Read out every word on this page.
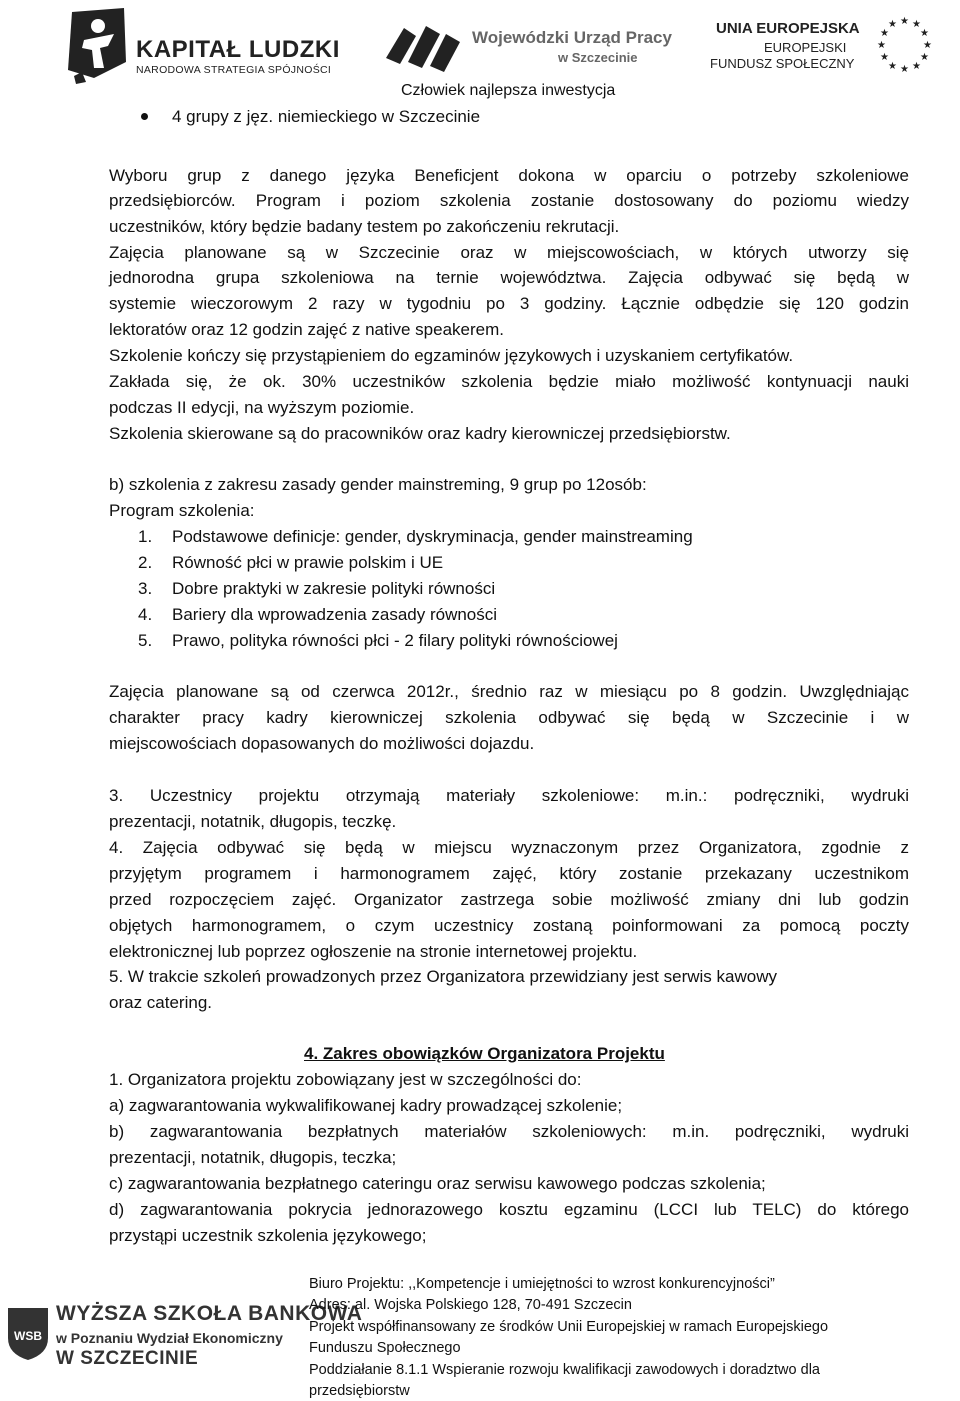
KAPITAŁ LUDZKI
NARODOWA STRATEGIA SPÓJNOŚCI
Wojewódzki Urząd Pracy
w Szczecinie
UNIA EUROPEJSKA
EUROPEJSKI
FUNDUSZ SPOŁECZNY
★ ★
★
★
★
★
★
★
★
★
★
★
Człowiek najlepsza inwestycja
4 grupy z jęz. niemieckiego w Szczecinie
Wyboru grup z danego języka Beneficjent dokona w oparciu o potrzeby szkoleniowe
przedsiębiorców. Program i poziom szkolenia zostanie dostosowany do poziomu wiedzy
uczestników, który będzie badany testem po zakończeniu rekrutacji.
Zajęcia planowane są w Szczecinie oraz w miejscowościach, w których utworzy się
jednorodna grupa szkoleniowa na ternie województwa. Zajęcia odbywać się będą w
systemie wieczorowym 2 razy w tygodniu po 3 godziny. Łącznie odbędzie się 120 godzin
lektoratów oraz 12 godzin zajęć z native speakerem.
Szkolenie kończy się przystąpieniem do egzaminów językowych i uzyskaniem certyfikatów.
Zakłada się, że ok. 30% uczestników szkolenia będzie miało możliwość kontynuacji nauki
podczas II edycji, na wyższym poziomie.
Szkolenia skierowane są do pracowników oraz kadry kierowniczej przedsiębiorstw.
b) szkolenia z zakresu zasady gender mainstreming, 9 grup po 12osób:
Program szkolenia:
1. Podstawowe definicje: gender, dyskryminacja, gender mainstreaming
2. Równość płci w prawie polskim i UE
3. Dobre praktyki w zakresie polityki równości
4. Bariery dla wprowadzenia zasady równości
5. Prawo, polityka równości płci - 2 filary polityki równościowej
Zajęcia planowane są od czerwca 2012r., średnio raz w miesiącu po 8 godzin. Uwzględniając
charakter pracy kadry kierowniczej szkolenia odbywać się będą w Szczecinie i w
miejscowościach dopasowanych do możliwości dojazdu.
3. Uczestnicy projektu otrzymają materiały szkoleniowe: m.in.: podręczniki, wydruki
prezentacji, notatnik, długopis, teczkę.
4. Zajęcia odbywać się będą w miejscu wyznaczonym przez Organizatora, zgodnie z
przyjętym programem i harmonogramem zajęć, który zostanie przekazany uczestnikom
przed rozpoczęciem zajęć. Organizator zastrzega sobie możliwość zmiany dni lub godzin
objętych harmonogramem, o czym uczestnicy zostaną poinformowani za pomocą poczty
elektronicznej lub poprzez ogłoszenie na stronie internetowej projektu.
5. W trakcie szkoleń prowadzonych przez Organizatora przewidziany jest serwis kawowy
oraz catering.
4. Zakres obowiązków Organizatora Projektu
1. Organizatora projektu zobowiązany jest w szczególności do:
a) zagwarantowania wykwalifikowanej kadry prowadzącej szkolenie;
b) zagwarantowania bezpłatnych materiałów szkoleniowych: m.in. podręczniki, wydruki
prezentacji, notatnik, długopis, teczka;
c) zagwarantowania bezpłatnego cateringu oraz serwisu kawowego podczas szkolenia;
d) zagwarantowania pokrycia jednorazowego kosztu egzaminu (LCCI lub TELC) do którego
przystąpi uczestnik szkolenia językowego;
WSB
WYŻSZA SZKOŁA BANKOWA
w Poznaniu Wydział Ekonomiczny
W SZCZECINIE
Biuro Projektu: ,,Kompetencje i umiejętności to wzrost konkurencyjności”
Adres: al. Wojska Polskiego 128, 70-491 Szczecin
Projekt współfinansowany ze środków Unii Europejskiej w ramach Europejskiego
Funduszu Społecznego
Poddziałanie 8.1.1 Wspieranie rozwoju kwalifikacji zawodowych i doradztwo dla
przedsiębiorstw
